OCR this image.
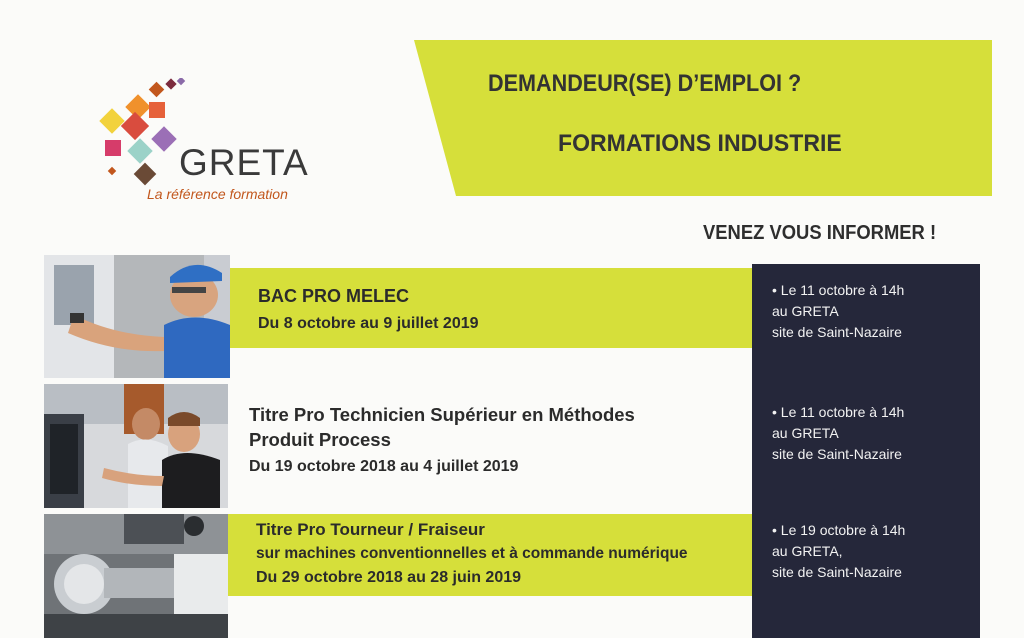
GRETA
La référence formation
DEMANDEUR(SE) D’EMPLOI ?
FORMATIONS INDUSTRIE
VENEZ VOUS INFORMER !
BAC PRO MELEC
Du 8 octobre au 9 juillet 2019
• Le 11 octobre à 14h
au GRETA
site de Saint-Nazaire
Titre Pro Technicien Supérieur en Méthodes
Produit Process
Du 19 octobre 2018 au 4 juillet 2019
• Le 11 octobre à 14h
au GRETA
site de Saint-Nazaire
Titre Pro Tourneur / Fraiseur
sur machines conventionnelles et à commande numérique
Du 29 octobre 2018 au 28 juin 2019
• Le 19 octobre à 14h
au GRETA,
site de Saint-Nazaire
